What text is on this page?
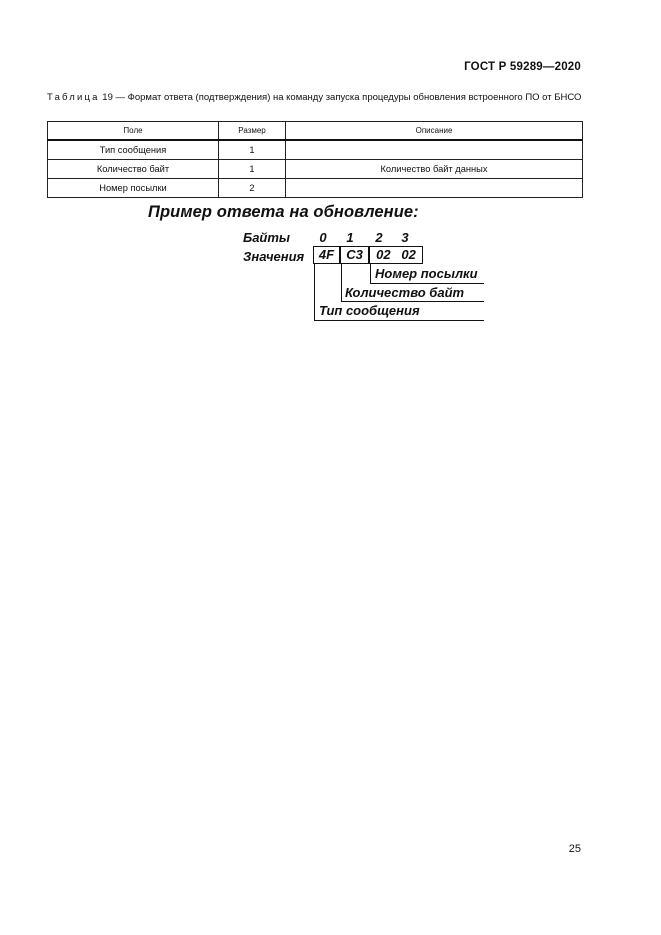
ГОСТ Р 59289—2020
Таблица 19 — Формат ответа (подтверждения) на команду запуска процедуры обновления встроенного ПО от БНСО
Поле	Размер	Описание
Тип сообщения	1	
Количество байт	1	Количество байт данных
Номер посылки	2	
Пример ответа на обновление:
Байты	0	1	2	3
Значения	4F C3	02 02
Номер посылки
Количество байт
Тип сообщения
25
